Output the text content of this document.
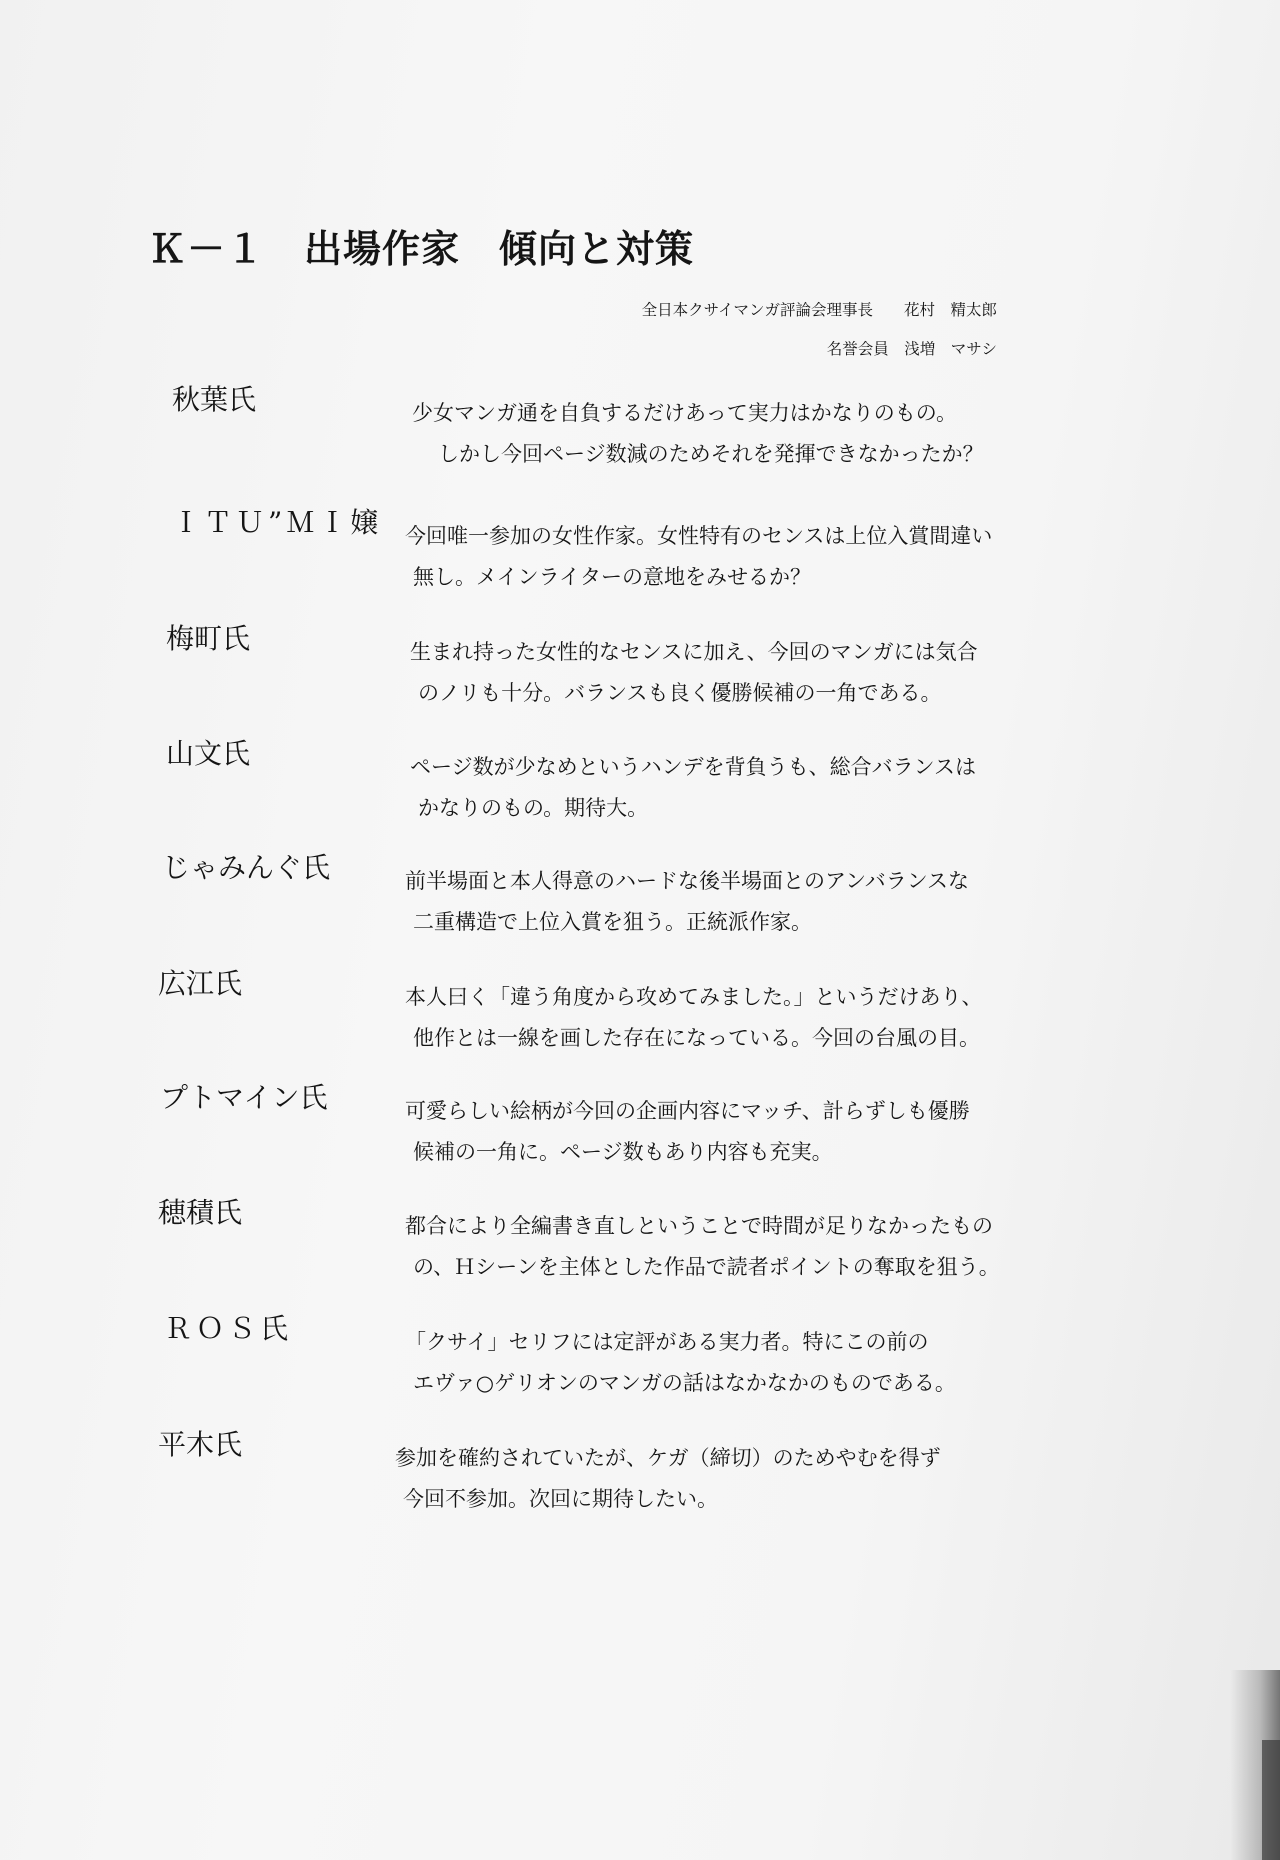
Ｋ－１　出場作家　傾向と対策
全日本クサイマンガ評論会理事長　　花村　精太郎
名誉会員　浅増　マサシ
秋葉氏	少女マンガ通を自負するだけあって実力はかなりのもの。
しかし今回ページ数減のためそれを発揮できなかったか？
ＩＴＵ”ＭＩ嬢 今回唯一参加の女性作家。女性特有のセンスは上位入賞間違い
無し。メインライターの意地をみせるか？
梅町氏	生まれ持った女性的なセンスに加え、今回のマンガには気合
のノリも十分。バランスも良く優勝候補の一角である。
山文氏	ページ数が少なめというハンデを背負うも、総合バランスは
かなりのもの。期待大。
じゃみんぐ氏	前半場面と本人得意のハードな後半場面とのアンバランスな
二重構造で上位入賞を狙う。正統派作家。
広江氏	本人曰く「違う角度から攻めてみました。」というだけあり、
他作とは一線を画した存在になっている。今回の台風の目。
プトマイン氏	可愛らしい絵柄が今回の企画内容にマッチ、計らずしも優勝
候補の一角に。ページ数もあり内容も充実。
穂積氏	都合により全編書き直しということで時間が足りなかったもの
の、Ｈシーンを主体とした作品で読者ポイントの奪取を狙う。
ＲＯＳ氏	「クサイ」セリフには定評がある実力者。特にこの前の
エヴァ○ゲリオンのマンガの話はなかなかのものである。
平木氏	参加を確約されていたが、ケガ（締切）のためやむを得ず
今回不参加。次回に期待したい。
